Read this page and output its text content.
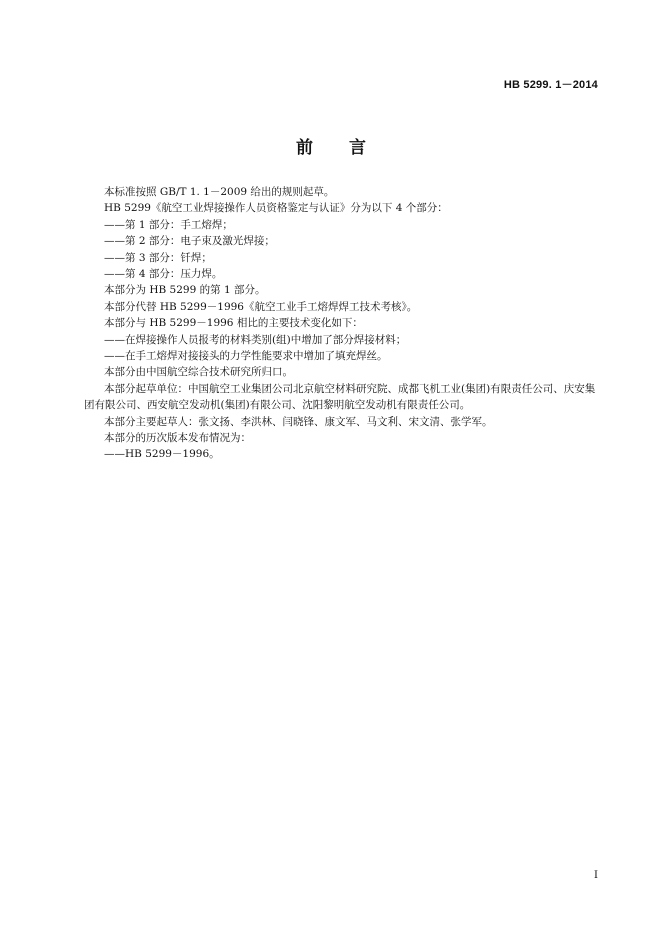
HB 5299. 1－2014
前言
本标准按照 GB/T 1. 1－2009 给出的规则起草。
HB 5299《航空工业焊接操作人员资格鉴定与认证》分为以下 4 个部分：
——第 1 部分：手工熔焊；
——第 2 部分：电子束及激光焊接；
——第 3 部分：钎焊；
——第 4 部分：压力焊。
本部分为 HB 5299 的第 1 部分。
本部分代替 HB 5299－1996《航空工业手工熔焊焊工技术考核》。
本部分与 HB 5299－1996 相比的主要技术变化如下：
——在焊接操作人员报考的材料类别(组)中增加了部分焊接材料；
——在手工熔焊对接接头的力学性能要求中增加了填充焊丝。
本部分由中国航空综合技术研究所归口。
本部分起草单位：中国航空工业集团公司北京航空材料研究院、成都飞机工业(集团)有限责任公司、庆安集团有限公司、西安航空发动机(集团)有限公司、沈阳黎明航空发动机有限责任公司。
本部分主要起草人：张文扬、李洪林、闫晓锋、康文军、马文利、宋文清、张学军。
本部分的历次版本发布情况为：
——HB 5299－1996。
I
